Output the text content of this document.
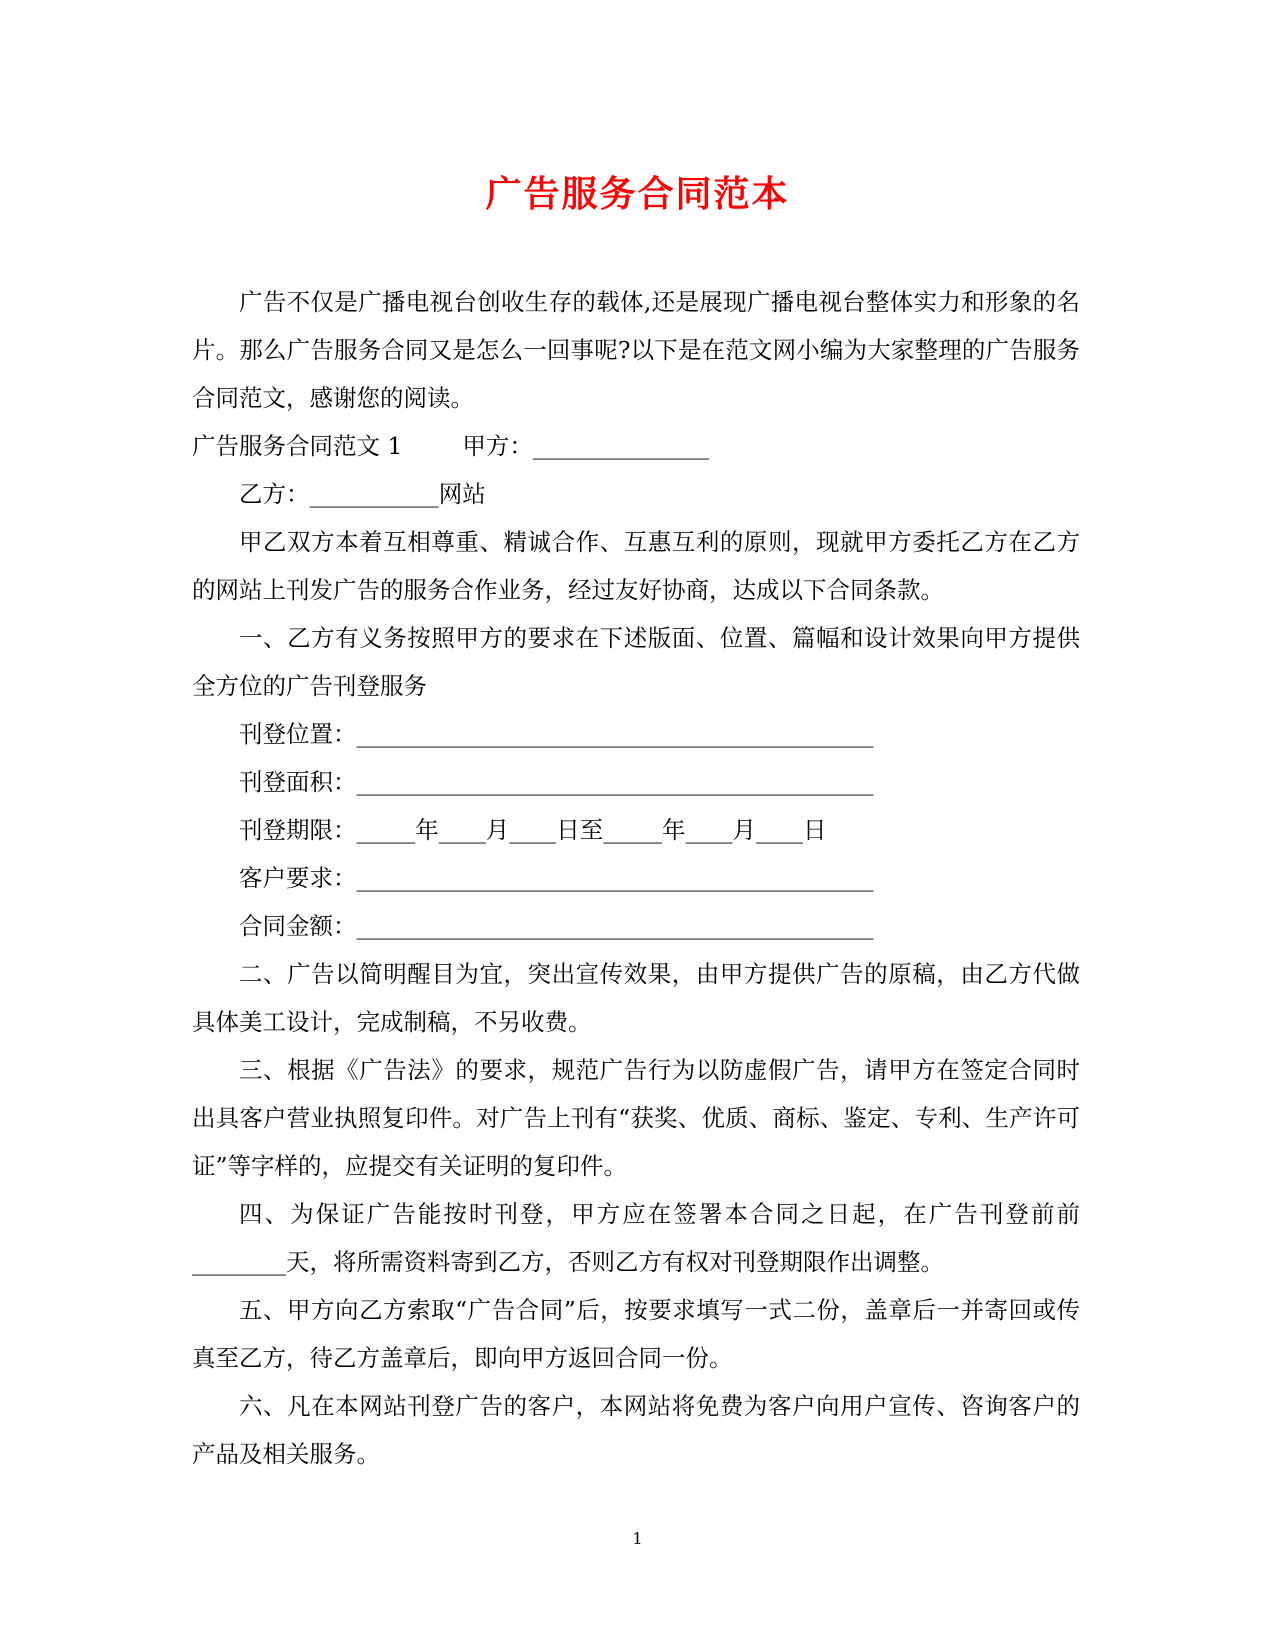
广告服务合同范本

广告不仅是广播电视台创收生存的载体,还是展现广播电视台整体实力和形象的名片。那么广告服务合同又是怎么一回事呢?以下是在范文网小编为大家整理的广告服务合同范文，感谢您的阅读。

广告服务合同范文 1	甲方：_______________

乙方：___________网站

甲乙双方本着互相尊重、精诚合作、互惠互利的原则，现就甲方委托乙方在乙方的网站上刊发广告的服务合作业务，经过友好协商，达成以下合同条款。

一、乙方有义务按照甲方的要求在下述版面、位置、篇幅和设计效果向甲方提供全方位的广告刊登服务

刊登位置：____________________________________________

刊登面积：____________________________________________

刊登期限：_____年____月____日至_____年____月____日

客户要求：____________________________________________

合同金额：____________________________________________

二、广告以简明醒目为宜，突出宣传效果，由甲方提供广告的原稿，由乙方代做具体美工设计，完成制稿，不另收费。

三、根据《广告法》的要求，规范广告行为以防虚假广告，请甲方在签定合同时出具客户营业执照复印件。对广告上刊有“获奖、优质、商标、鉴定、专利、生产许可证”等字样的，应提交有关证明的复印件。

四、为保证广告能按时刊登，甲方应在签署本合同之日起，在广告刊登前前________天，将所需资料寄到乙方，否则乙方有权对刊登期限作出调整。

五、甲方向乙方索取“广告合同”后，按要求填写一式二份，盖章后一并寄回或传真至乙方，待乙方盖章后，即向甲方返回合同一份。

六、凡在本网站刊登广告的客户，本网站将免费为客户向用户宣传、咨询客户的产品及相关服务。

1
